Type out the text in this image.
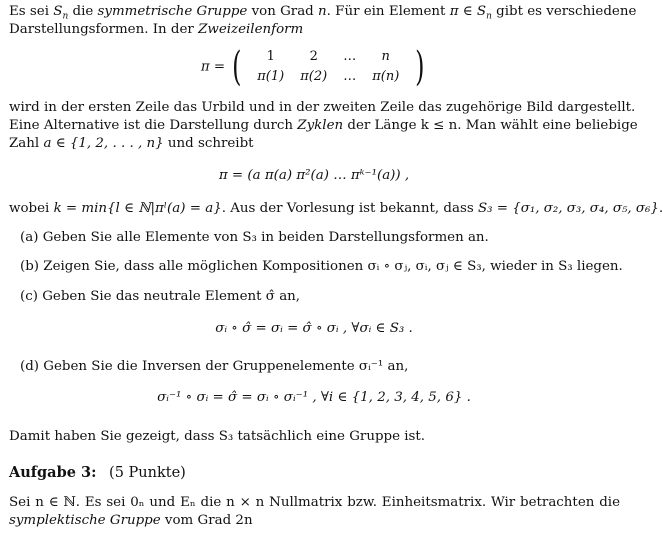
Es sei $S_n$ die symmetrische Gruppe von Grad n. Für ein Element π ∈ $S_n$ gibt es verschiedene
Darstellungsformen. In der Zweizeilenform
π = ( 1	2	…	n
π(1)	π(2)	…	π(n) )
wird in der ersten Zeile das Urbild und in der zweiten Zeile das zugehörige Bild dargestellt.
Eine Alternative ist die Darstellung durch Zyklen der Länge k ≤ n. Man wählt eine beliebige
Zahl a ∈ {1, 2, . . . , n} und schreibt
π = (a π(a) π²(a) … πᵏ⁻¹(a)) ,
wobei k = min{l ∈ ℕ|πˡ(a) = a}. Aus der Vorlesung ist bekannt, dass S₃ = {σ₁, σ₂, σ₃, σ₄, σ₅, σ₆}.
(a) Geben Sie alle Elemente von S₃ in beiden Darstellungsformen an.
(b) Zeigen Sie, dass alle möglichen Kompositionen σᵢ ∘ σⱼ, σᵢ, σⱼ ∈ S₃, wieder in S₃ liegen.
(c) Geben Sie das neutrale Element σ̂ an,
σᵢ ∘ σ̂ = σᵢ = σ̂ ∘ σᵢ , ∀σᵢ ∈ S₃ .
(d) Geben Sie die Inversen der Gruppenelemente σᵢ⁻¹ an,
σᵢ⁻¹ ∘ σᵢ = σ̂ = σᵢ ∘ σᵢ⁻¹ , ∀i ∈ {1, 2, 3, 4, 5, 6} .
Damit haben Sie gezeigt, dass S₃ tatsächlich eine Gruppe ist.
Aufgabe 3: (5 Punkte)
Sei n ∈ ℕ. Es sei 0ₙ und Eₙ die n × n Nullmatrix bzw. Einheitsmatrix. Wir betrachten die
symplektische Gruppe vom Grad 2n
